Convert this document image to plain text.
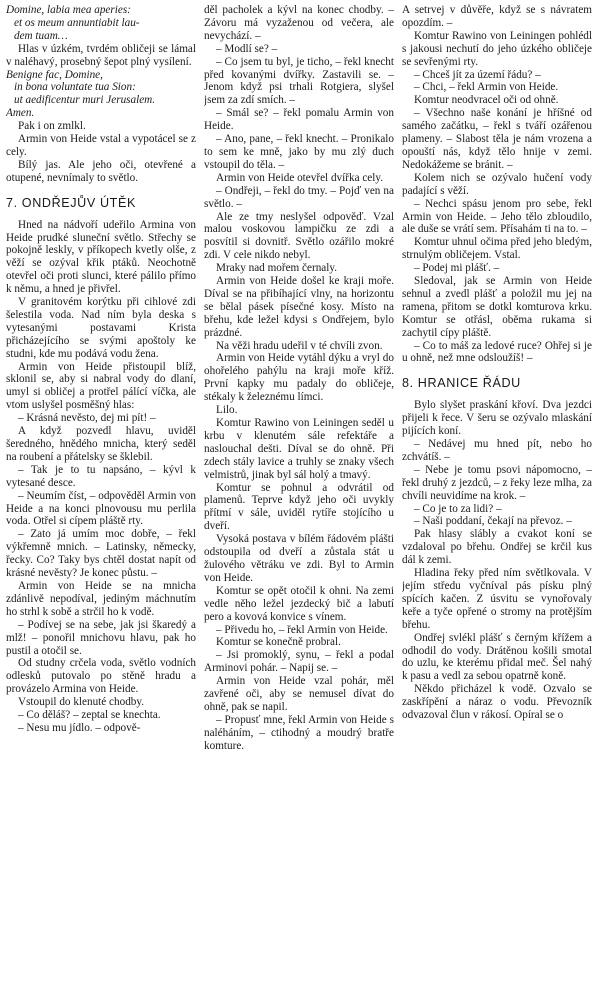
Domine, labia mea aperies:
et os meum annuntiabit lau-
dem tuam…

Hlas v úzkém, tvrdém obličeji se lámal v naléhavý, prosebný šepot plný vysílení.

Benigne fac, Domine,
in bona voluntate tua Sion:
ut aedificentur muri Jerusalem.
Amen.

Pak i on zmlkl.

Armin von Heide vstal a vypotácel se z cely.

Bílý jas. Ale jeho oči, otevřené a otupené, nevnímaly to světlo.

7. ONDŘEJŮV ÚTĚK

Hned na nádvoří udeřilo Armina von Heide prudké sluneční světlo. Střechy se pokojně leskly, v příkopech kvetly olše, z věží se ozýval křik ptáků. Neochotně otevřel oči proti slunci, které pálilo přímo k němu, a hned je přivřel.

V granitovém korýtku při cihlové zdi šelestila voda. Nad ním byla deska s vytesanými postavami Krista přicházejícího se svými apoštoly ke studni, kde mu podává vodu žena.

Armin von Heide přistoupil blíž, sklonil se, aby si nabral vody do dlaní, umyl si obličej a protřel pálící víčka, ale vtom uslyšel posměšný hlas:

– Krásná nevěsto, dej mi pít! –

A když pozvedl hlavu, uviděl šeredného, hnědého mnicha, který seděl na roubení a přátelsky se šklebil.

– Tak je to tu napsáno, – kývl k vytesané desce.

– Neumím číst, – odpověděl Armin von Heide a na konci plnovousu mu perlila voda. Otřel si cípem pláště rty.

– Zato já umím moc dobře, – řekl výkřemně mnich. – Latinsky, německy, řecky. Co? Taky bys chtěl dostat napít od krásné nevěsty? Je konec půstu. –

Armin von Heide se na mnicha zdánlivě nepodíval, jediným máchnutím ho strhl k sobě a strčil ho k vodě.

– Podívej se na sebe, jak jsi škaredý a mlž! – ponořil mnichovu hlavu, pak ho pustil a otočil se.

Od studny crčela voda, světlo vodních odlesků putovalo po stěně hradu a provázelo Armina von Heide.

Vstoupil do klenuté chodby.

– Co děláš? – zeptal se knechta.

– Nesu mu jídlo. – odpově-

děl pacholek a kývl na konec chodby. – Závoru má vyzaženou od večera, ale nevychází. –

– Modlí se? –

– Co jsem tu byl, je ticho, – řekl knecht před kovanými dvířky. Zastavili se. – Jenom když psi trhali Rotgiera, slyšel jsem za zdí smích. –

– Smál se? – řekl pomalu Armin von Heide.

– Ano, pane, – řekl knecht. – Pronikalo to sem ke mně, jako by mu zlý duch vstoupil do těla. –

Armin von Heide otevřel dvířka cely.

– Ondřeji, – řekl do tmy. – Pojď ven na světlo. –

Ale ze tmy neslyšel odpověď. Vzal malou voskovou lampičku ze zdi a posvítil si dovnitř. Světlo ozářilo mokré zdi. V cele nikdo nebyl.

Mraky nad mořem černaly.

Armin von Heide došel ke kraji moře. Díval se na přibíhající vlny, na horizontu se bělal pásek písečné kosy. Místo na břehu, kde ležel kdysi s Ondřejem, bylo prázdné.

Na věži hradu udeřil v té chvíli zvon.

Armin von Heide vytáhl dýku a vryl do ohořelého pahýlu na kraji moře kříž. První kapky mu padaly do obličeje, stékaly k železnému límci.

Lilo.

Komtur Rawino von Leiningen seděl u krbu v klenutém sále refektáře a naslouchal dešti. Díval se do ohně. Při zdech stály lavice a truhly se znaky všech velmistrů, jinak byl sál holý a tmavý.

Komtur se pohnul a odvrátil od plamenů. Teprve když jeho oči uvykly přítmí v sále, uviděl rytíře stojícího u dveří.

Vysoká postava v bílém řádovém plášti odstoupila od dveří a zůstala stát u žulového větráku ve zdi. Byl to Armin von Heide.

Komtur se opět otočil k ohni. Na zemi vedle něho ležel jezdecký bič a labutí pero a kovová konvice s vínem.

– Přivedu ho, – řekl Armin von Heide.

Komtur se konečně probral.

– Jsi promoklý, synu, – řekl a podal Arminovi pohár. – Napij se. –

Armin von Heide vzal pohár, měl zavřené oči, aby se nemusel dívat do ohně, pak se napil.

– Propusť mne, řekl Armin von Heide s naléháním, – ctihodný a moudrý bratře komture.

A setrvej v důvěře, když se s návratem opozdím. –

Komtur Rawino von Leiningen pohlédl s jakousi nechutí do jeho úzkého obličeje se sevřenými rty.

– Chceš jít za území řádu? –

– Chci, – řekl Armin von Heide.

Komtur neodvracel oči od ohně.

– Všechno naše konání je hříšné od samého začátku, – řekl s tváří ozářenou plameny. – Slabost těla je nám vrozena a opouští nás, když tělo hnije v zemi. Nedokážeme se bránit. –

Kolem nich se ozývalo hučení vody padající s věží.

– Nechci spásu jenom pro sebe, řekl Armin von Heide. – Jeho tělo zbloudilo, ale duše se vrátí sem. Přísahám ti na to. –

Komtur uhnul očima před jeho bledým, strnulým obličejem. Vstal.

– Podej mi plášť. –

Sledoval, jak se Armin von Heide sehnul a zvedl plášť a položil mu jej na ramena, přitom se dotkl komturova krku. Komtur se otřásl, oběma rukama si zachytil cípy pláště.

– Co to máš za ledové ruce? Ohřej si je u ohně, než mne odsloužíš! –

8. HRANICE ŘÁDU

Bylo slyšet praskání křoví. Dva jezdci přijeli k řece. V šeru se ozývalo mlaskání pijících koní.

– Nedávej mu hned pít, nebo ho zchvátíš. –

– Nebe je tomu psovi nápomocno, – řekl druhý z jezdců, – z řeky leze mlha, za chvíli neuvidíme na krok. –

– Co je to za lidi? –

– Naši poddaní, čekají na převoz. –

Pak hlasy slábly a cvakot koní se vzdaloval po břehu. Ondřej se krčil kus dál k zemi.

Hladina řeky před ním světlkovala. V jejím středu vyčníval pás písku plný spících kačen. Z úsvitu se vynořovaly keře a tyče opřené o stromy na protějším břehu.

Ondřej svlékl plášť s černým křížem a odhodil do vody. Drátěnou košili smotal do uzlu, ke kterému přidal meč. Šel nahý k pasu a vedl za sebou opatrně koně.

Někdo přicházel k vodě. Ozvalo se zaskřípění a náraz o vodu. Převozník odvazoval člun v rákosí. Opíral se o
